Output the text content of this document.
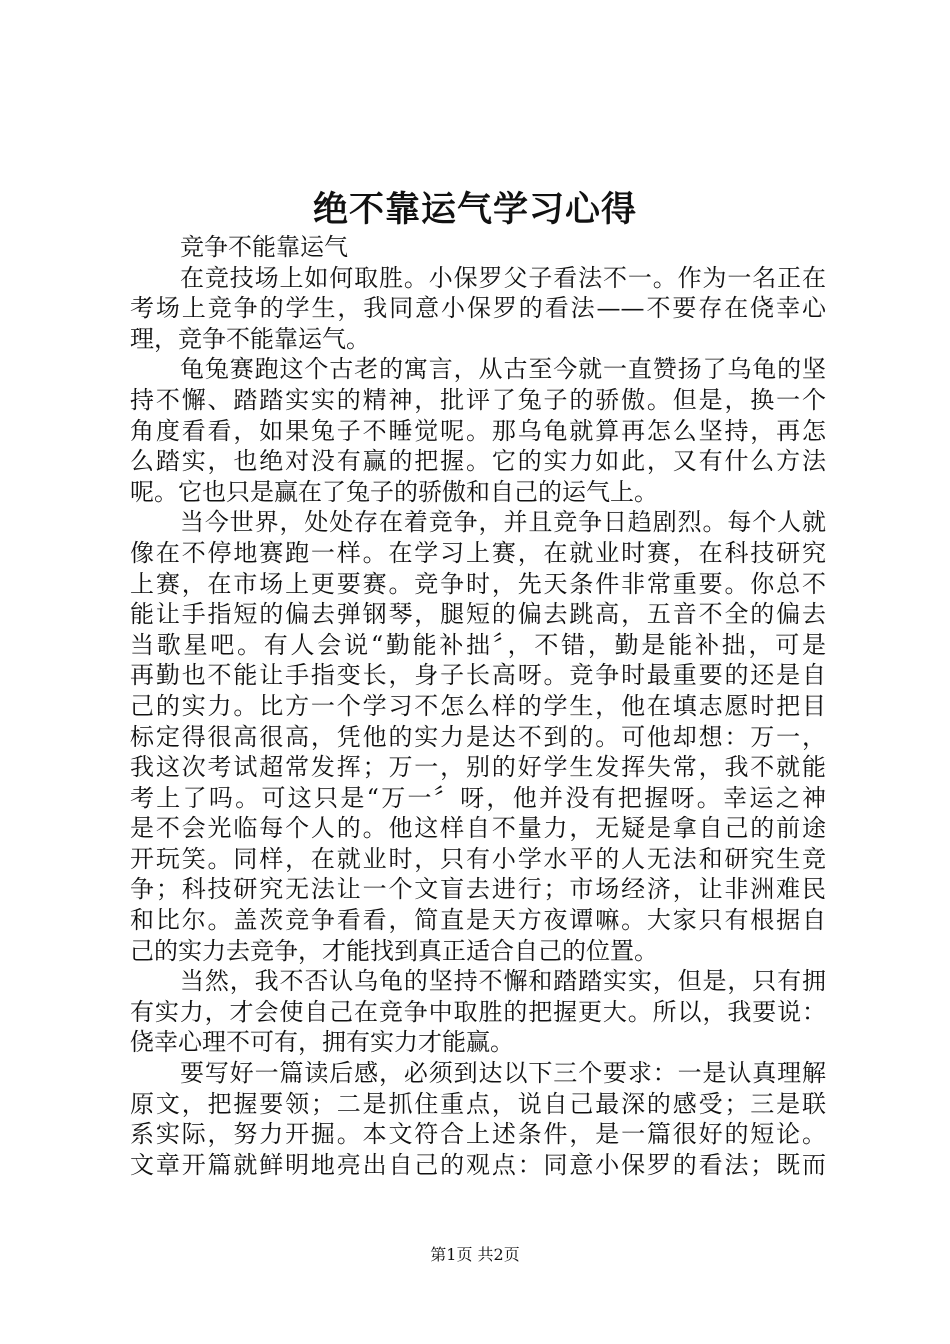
绝不靠运气学习心得
竞争不能靠运气
在竞技场上如何取胜。小保罗父子看法不一。作为一名正在
考场上竞争的学生，我同意小保罗的看法——不要存在侥幸心
理，竞争不能靠运气。
龟兔赛跑这个古老的寓言，从古至今就一直赞扬了乌龟的坚
持不懈、踏踏实实的精神，批评了兔子的骄傲。但是，换一个
角度看看，如果兔子不睡觉呢。那乌龟就算再怎么坚持，再怎
么踏实，也绝对没有赢的把握。它的实力如此，又有什么方法
呢。它也只是赢在了兔子的骄傲和自己的运气上。
当今世界，处处存在着竞争，并且竞争日趋剧烈。每个人就
像在不停地赛跑一样。在学习上赛，在就业时赛，在科技研究
上赛，在市场上更要赛。竞争时，先天条件非常重要。你总不
能让手指短的偏去弹钢琴，腿短的偏去跳高，五音不全的偏去
当歌星吧。有人会说“勤能补拙〞，不错，勤是能补拙，可是
再勤也不能让手指变长，身子长高呀。竞争时最重要的还是自
己的实力。比方一个学习不怎么样的学生，他在填志愿时把目
标定得很高很高，凭他的实力是达不到的。可他却想：万一，
我这次考试超常发挥；万一，别的好学生发挥失常，我不就能
考上了吗。可这只是“万一〞呀，他并没有把握呀。幸运之神
是不会光临每个人的。他这样自不量力，无疑是拿自己的前途
开玩笑。同样，在就业时，只有小学水平的人无法和研究生竞
争；科技研究无法让一个文盲去进行；市场经济，让非洲难民
和比尔。盖茨竞争看看，简直是天方夜谭嘛。大家只有根据自
己的实力去竞争，才能找到真正适合自己的位置。
当然，我不否认乌龟的坚持不懈和踏踏实实，但是，只有拥
有实力，才会使自己在竞争中取胜的把握更大。所以，我要说：
侥幸心理不可有，拥有实力才能赢。
要写好一篇读后感，必须到达以下三个要求：一是认真理解
原文，把握要领；二是抓住重点，说自己最深的感受；三是联
系实际，努力开掘。本文符合上述条件，是一篇很好的短论。
文章开篇就鲜明地亮出自己的观点：同意小保罗的看法；既而
第1页 共2页
